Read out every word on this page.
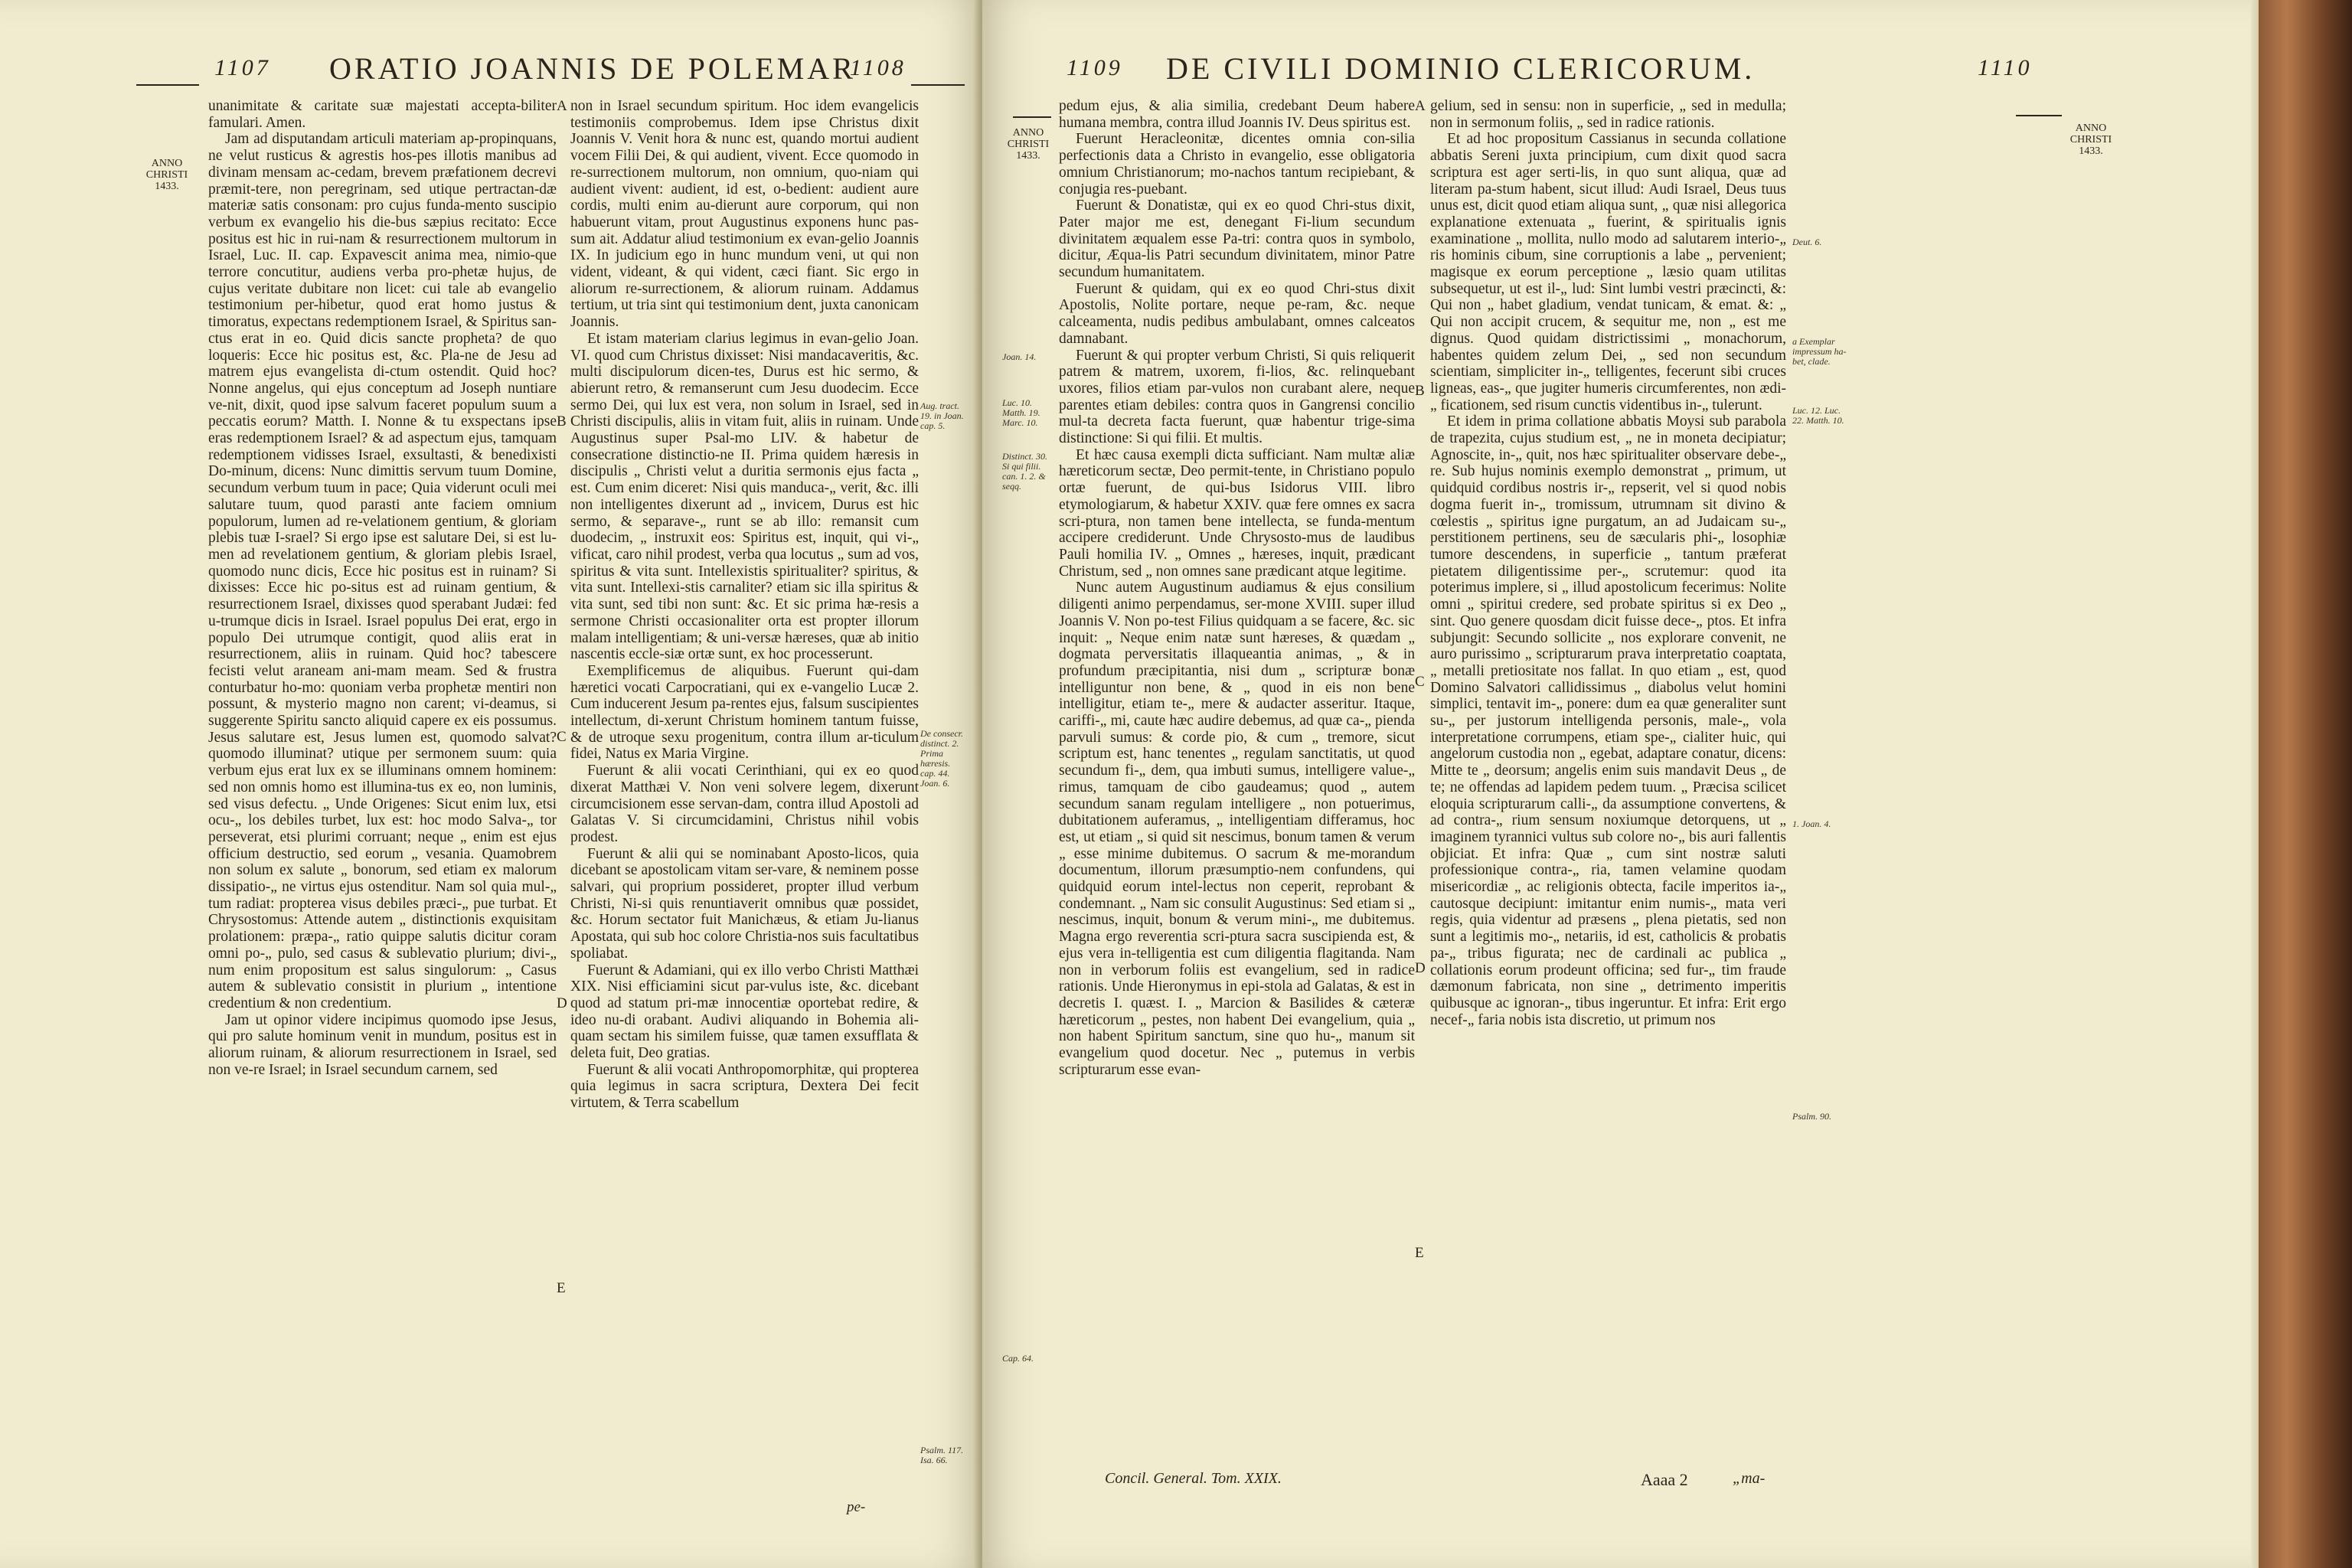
1107 ORATIO JOANNIS DE POLEMAR
1108
ANNO CHRISTI 1433.

unanimitate & caritate suæ majestati accepta-biliter famulari. Amen.

Jam ad disputandam articuli materiam ap-propinquans, ne velut rusticus & agrestis hos-pes illotis manibus ad divinam mensam ac-cedam, brevem præfationem decrevi præmit-tere, non peregrinam, sed utique pertractan-dæ materiæ satis consonam: pro cujus funda-mento suscipio verbum ex evangelio his die-bus sæpius recitato: Ecce positus est hic in rui-nam & resurrectionem multorum in Israel, Luc. II. cap. Expavescit anima mea, nimio-que terrore concutitur, audiens verba pro-phetæ hujus, de cujus veritate dubitare non licet: cui tale ab evangelio testimonium per-hibetur, quod erat homo justus & timoratus, expectans redemptionem Israel, & Spiritus san-ctus erat in eo. Quid dicis sancte propheta? de quo loqueris: Ecce hic positus est, &c. Pla-ne de Jesu ad matrem ejus evangelista di-ctum ostendit. Quid hoc? Nonne angelus, qui ejus conceptum ad Joseph nuntiare ve-nit, dixit, quod ipse salvum faceret populum suum a peccatis eorum? Matth. I. Nonne & tu exspectans ipse eras redemptionem Israel? & ad aspectum ejus, tamquam redemptionem vidisses Israel, exsultasti, & benedixisti Do-minum, dicens: Nunc dimittis servum tuum Domine, secundum verbum tuum in pace; Quia viderunt oculi mei salutare tuum, quod parasti ante faciem omnium populorum, lumen ad re-velationem gentium, & gloriam plebis tuæ I-srael? Si ergo ipse est salutare Dei, si est lu-men ad revelationem gentium, & gloriam plebis Israel, quomodo nunc dicis, Ecce hic positus est in ruinam? Si dixisses: Ecce hic po-situs est ad ruinam gentium, & resurrectionem Israel, dixisses quod sperabant Judæi: fed u-trumque dicis in Israel. Israel populus Dei erat, ergo in populo Dei utrumque contigit, quod aliis erat in resurrectionem, aliis in ruinam. Quid hoc? tabescere fecisti velut araneam ani-mam meam. Sed & frustra conturbatur ho-mo: quoniam verba prophetæ mentiri non possunt, & mysterio magno non carent; vi-deamus, si suggerente Spiritu sancto aliquid capere ex eis possumus. Jesus salutare est, Jesus lumen est, quomodo salvat? quomodo illuminat? utique per sermonem suum: quia verbum ejus erat lux ex se illuminans omnem hominem: sed non omnis homo est illumina-tus ex eo, non luminis, sed visus defectu. „ Unde Origenes: Sicut enim lux, etsi ocu-„ los debiles turbet, lux est: hoc modo Salva-„ tor perseverat, etsi plurimi corruant; neque „ enim est ejus officium destructio, sed eorum „ vesania. Quamobrem non solum ex salute „ bonorum, sed etiam ex malorum dissipatio-„ ne virtus ejus ostenditur. Nam sol quia mul-„ tum radiat: propterea visus debiles præci-„ pue turbat. Et Chrysostomus: Attende autem „ distinctionis exquisitam prolationem: præpa-„ ratio quippe salutis dicitur coram omni po-„ pulo, sed casus & sublevatio plurium; divi-„ num enim propositum est salus singulorum: „ Casus autem & sublevatio consistit in plurium „ intentione credentium & non credentium.

Jam ut opinor videre incipimus quomodo ipse Jesus, qui pro salute hominum venit in mundum, positus est in aliorum ruinam, & aliorum resurrectionem in Israel, sed non ve-re Israel; in Israel secundum carnem, sed

A
B
C
D
E

non in Israel secundum spiritum. Hoc idem evangelicis testimoniis comprobemus. Idem ipse Christus dixit Joannis V. Venit hora & nunc est, quando mortui audient vocem Filii Dei, & qui audient, vivent. Ecce quomodo in re-surrectionem multorum, non omnium, quo-niam qui audient vivent: audient, id est, o-bedient: audient aure cordis, multi enim au-dierunt aure corporum, qui non habuerunt vitam, prout Augustinus exponens hunc pas-sum ait. Addatur aliud testimonium ex evan-gelio Joannis IX. In judicium ego in hunc mundum veni, ut qui non vident, videant, & qui vident, cæci fiant. Sic ergo in aliorum re-surrectionem, & aliorum ruinam. Addamus tertium, ut tria sint qui testimonium dent, juxta canonicam Joannis.

Et istam materiam clarius legimus in evan-gelio Joan. VI. quod cum Christus dixisset: Nisi mandacaveritis, &c. multi discipulorum dicen-tes, Durus est hic sermo, & abierunt retro, & remanserunt cum Jesu duodecim. Ecce sermo Dei, qui lux est vera, non solum in Israel, sed in Christi discipulis, aliis in vitam fuit, aliis in ruinam. Unde Augustinus super Psal-mo LIV. & habetur de consecratione distinctio-ne II. Prima quidem hæresis in discipulis „ Christi velut a duritia sermonis ejus facta „ est. Cum enim diceret: Nisi quis manduca-„ verit, &c. illi non intelligentes dixerunt ad „ invicem, Durus est hic sermo, & separave-„ runt se ab illo: remansit cum duodecim, „ instruxit eos: Spiritus est, inquit, qui vi-„ vificat, caro nihil prodest, verba qua locutus „ sum ad vos, spiritus & vita sunt. Intellexistis spiritualiter? spiritus, & vita sunt. Intellexi-stis carnaliter? etiam sic illa spiritus & vita sunt, sed tibi non sunt: &c. Et sic prima hæ-resis a sermone Christi occasionaliter orta est propter illorum malam intelligentiam; & uni-versæ hæreses, quæ ab initio nascentis eccle-siæ ortæ sunt, ex hoc processerunt.

Exemplificemus de aliquibus. Fuerunt qui-dam hæretici vocati Carpocratiani, qui ex e-vangelio Lucæ 2. Cum inducerent Jesum pa-rentes ejus, falsum suscipientes intellectum, di-xerunt Christum hominem tantum fuisse, & de utroque sexu progenitum, contra illum ar-ticulum fidei, Natus ex Maria Virgine.

Fuerunt & alii vocati Cerinthiani, qui ex eo quod dixerat Matthæi V. Non veni solvere legem, dixerunt circumcisionem esse servan-dam, contra illud Apostoli ad Galatas V. Si circumcidamini, Christus nihil vobis prodest.

Fuerunt & alii qui se nominabant Aposto-licos, quia dicebant se apostolicam vitam ser-vare, & neminem posse salvari, qui proprium possideret, propter illud verbum Christi, Ni-si quis renuntiaverit omnibus quæ possidet, &c. Horum sectator fuit Manichæus, & etiam Ju-lianus Apostata, qui sub hoc colore Christia-nos suis facultatibus spoliabat.

Fuerunt & Adamiani, qui ex illo verbo Christi Matthæi XIX. Nisi efficiamini sicut par-vulus iste, &c. dicebant quod ad statum pri-mæ innocentiæ oportebat redire, & ideo nu-di orabant. Audivi aliquando in Bohemia ali-quam sectam his similem fuisse, quæ tamen exsufflata & deleta fuit, Deo gratias.

Fuerunt & alii vocati Anthropomorphitæ, qui propterea quia legimus in sacra scriptura, Dextera Dei fecit virtutem, & Terra scabellum

Aug. tract. 19. in Joan. cap. 5.
De consecr. distinct. 2. Prima hæresis. cap. 44. Joan. 6.
Psalm. 117. Isa. 66.
pe-
1109 DE CIVILI DOMINIO CLERICORUM.	1110
ANNO CHRISTI 1433.
ANNO CHRISTI 1433.
Joan. 14.
Luc. 10. Matth. 19. Marc. 10.
Distinct. 30. Si qui filii. can. 1. 2. & seqq.
Cap. 64.

pedum ejus, & alia similia, credebant Deum habere humana membra, contra illud Joannis IV. Deus spiritus est.

Fuerunt Heracleonitæ, dicentes omnia con-silia perfectionis data a Christo in evangelio, esse obligatoria omnium Christianorum; mo-nachos tantum recipiebant, & conjugia res-puebant.

Fuerunt & Donatistæ, qui ex eo quod Chri-stus dixit, Pater major me est, denegant Fi-lium secundum divinitatem æqualem esse Pa-tri: contra quos in symbolo, dicitur, Æqua-lis Patri secundum divinitatem, minor Patre secundum humanitatem.

Fuerunt & quidam, qui ex eo quod Chri-stus dixit Apostolis, Nolite portare, neque pe-ram, &c. neque calceamenta, nudis pedibus ambulabant, omnes calceatos damnabant.

Fuerunt & qui propter verbum Christi, Si quis reliquerit patrem & matrem, uxorem, fi-lios, &c. relinquebant uxores, filios etiam par-vulos non curabant alere, neque parentes etiam debiles: contra quos in Gangrensi concilio mul-ta decreta facta fuerunt, quæ habentur trige-sima distinctione: Si qui filii. Et multis.

Et hæc causa exempli dicta sufficiant. Nam multæ aliæ hæreticorum sectæ, Deo permit-tente, in Christiano populo ortæ fuerunt, de qui-bus Isidorus VIII. libro etymologiarum, & habetur XXIV. quæ fere omnes ex sacra scri-ptura, non tamen bene intellecta, se funda-mentum accipere crediderunt. Unde Chrysosto-mus de laudibus Pauli homilia IV. „ Omnes „ hæreses, inquit, prædicant Christum, sed „ non omnes sane prædicant atque legitime.

Nunc autem Augustinum audiamus & ejus consilium diligenti animo perpendamus, ser-mone XVIII. super illud Joannis V. Non po-test Filius quidquam a se facere, &c. sic inquit: „ Neque enim natæ sunt hæreses, & quædam „ dogmata perversitatis illaqueantia animas, „ & in profundum præcipitantia, nisi dum „ scripturæ bonæ intelliguntur non bene, & „ quod in eis non bene intelligitur, etiam te-„ mere & audacter asseritur. Itaque, cariffi-„ mi, caute hæc audire debemus, ad quæ ca-„ pienda parvuli sumus: & corde pio, & cum „ tremore, sicut scriptum est, hanc tenentes „ regulam sanctitatis, ut quod secundum fi-„ dem, qua imbuti sumus, intelligere value-„ rimus, tamquam de cibo gaudeamus; quod „ autem secundum sanam regulam intelligere „ non potuerimus, dubitationem auferamus, „ intelligentiam differamus, hoc est, ut etiam „ si quid sit nescimus, bonum tamen & verum „ esse minime dubitemus. O sacrum & me-morandum documentum, illorum præsumptio-nem confundens, qui quidquid eorum intel-lectus non ceperit, reprobant & condemnant. „ Nam sic consulit Augustinus: Sed etiam si „ nescimus, inquit, bonum & verum mini-„ me dubitemus. Magna ergo reverentia scri-ptura sacra suscipienda est, & ejus vera in-telligentia est cum diligentia flagitanda. Nam non in verborum foliis est evangelium, sed in radice rationis. Unde Hieronymus in epi-stola ad Galatas, & est in decretis I. quæst. I. „ Marcion & Basilides & cæteræ hæreticorum „ pestes, non habent Dei evangelium, quia „ non habent Spiritum sanctum, sine quo hu-„ manum sit evangelium quod docetur. Nec „ putemus in verbis scripturarum esse evan-

A
B
C
D
E

gelium, sed in sensu: non in superficie, „ sed in medulla; non in sermonum foliis, „ sed in radice rationis.

Et ad hoc propositum Cassianus in secunda collatione abbatis Sereni juxta principium, cum dixit quod sacra scriptura est ager serti-lis, in quo sunt aliqua, quæ ad literam pa-stum habent, sicut illud: Audi Israel, Deus tuus unus est, dicit quod etiam aliqua sunt, „ quæ nisi allegorica explanatione extenuata „ fuerint, & spiritualis ignis examinatione „ mollita, nullo modo ad salutarem interio-„ ris hominis cibum, sine corruptionis a labe „ pervenient; magisque ex eorum perceptione „ læsio quam utilitas subsequetur, ut est il-„ lud: Sint lumbi vestri præcincti, &: Qui non „ habet gladium, vendat tunicam, & emat. &: „ Qui non accipit crucem, & sequitur me, non „ est me dignus. Quod quidam districtissimi „ monachorum, habentes quidem zelum Dei, „ sed non secundum scientiam, simpliciter in-„ telligentes, fecerunt sibi cruces ligneas, eas-„ que jugiter humeris circumferentes, non ædi-„ ficationem, sed risum cunctis videntibus in-„ tulerunt.

Et idem in prima collatione abbatis Moysi sub parabola de trapezita, cujus studium est, „ ne in moneta decipiatur; Agnoscite, in-„ quit, nos hæc spiritualiter observare debe-„ re. Sub hujus nominis exemplo demonstrat „ primum, ut quidquid cordibus nostris ir-„ repserit, vel si quod nobis dogma fuerit in-„ tromissum, utrumnam sit divino & cœlestis „ spiritus igne purgatum, an ad Judaicam su-„ perstitionem pertinens, seu de sæcularis phi-„ losophiæ tumore descendens, in superficie „ tantum præferat pietatem diligentissime per-„ scrutemur: quod ita poterimus implere, si „ illud apostolicum fecerimus: Nolite omni „ spiritui credere, sed probate spiritus si ex Deo „ sint. Quo genere quosdam dicit fuisse dece-„ ptos. Et infra subjungit: Secundo sollicite „ nos explorare convenit, ne auro purissimo „ scripturarum prava interpretatio coaptata, „ metalli pretiositate nos fallat. In quo etiam „ est, quod Domino Salvatori callidissimus „ diabolus velut homini simplici, tentavit im-„ ponere: dum ea quæ generaliter sunt su-„ per justorum intelligenda personis, male-„ vola interpretatione corrumpens, etiam spe-„ cialiter huic, qui angelorum custodia non „ egebat, adaptare conatur, dicens: Mitte te „ deorsum; angelis enim suis mandavit Deus „ de te; ne offendas ad lapidem pedem tuum. „ Præcisa scilicet eloquia scripturarum calli-„ da assumptione convertens, & ad contra-„ rium sensum noxiumque detorquens, ut „ imaginem tyrannici vultus sub colore no-„ bis auri fallentis objiciat. Et infra: Quæ „ cum sint nostræ saluti professionique contra-„ ria, tamen velamine quodam misericordiæ „ ac religionis obtecta, facile imperitos ia-„ cautosque decipiunt: imitantur enim numis-„ mata veri regis, quia videntur ad præsens „ plena pietatis, sed non sunt a legitimis mo-„ netariis, id est, catholicis & probatis pa-„ tribus figurata; nec de cardinali ac publica „ collationis eorum prodeunt officina; sed fur-„ tim fraude dæmonum fabricata, non sine „ detrimento imperitis quibusque ac ignoran-„ tibus ingeruntur. Et infra: Erit ergo necef-„ faria nobis ista discretio, ut primum nos

Deut. 6.
a Exemplar impressum ha-bet, clade.
Luc. 12. Luc. 22. Matth. 10.
1. Joan. 4.
Psalm. 90.
Concil. General. Tom. XXIX.	Aaaa 2	„ma-
